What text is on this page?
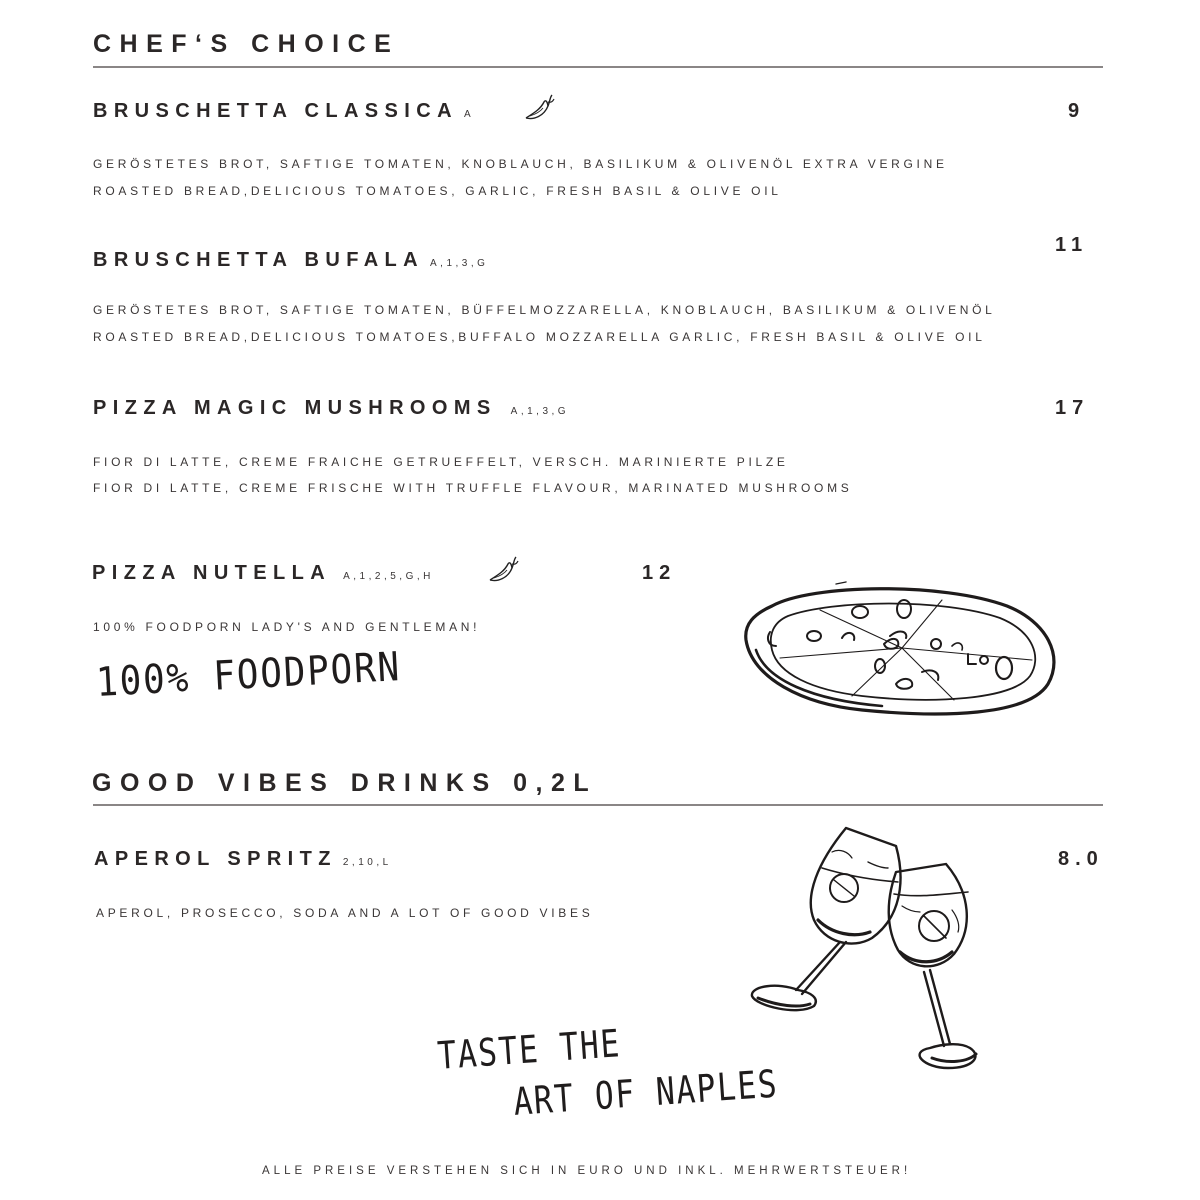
CHEF‘S CHOICE
BRUSCHETTA CLASSICA A	9
GERÖSTETES BROT, SAFTIGE TOMATEN, KNOBLAUCH, BASILIKUM & OLIVENÖL EXTRA VERGINE
ROASTED BREAD,DELICIOUS TOMATOES, GARLIC, FRESH BASIL & OLIVE OIL
11
BRUSCHETTA BUFALA A,1,3,G
GERÖSTETES BROT, SAFTIGE TOMATEN, BÜFFELMOZZARELLA, KNOBLAUCH, BASILIKUM & OLIVENÖL
ROASTED BREAD,DELICIOUS TOMATOES,BUFFALO MOZZARELLA GARLIC, FRESH BASIL & OLIVE OIL
PIZZA MAGIC MUSHROOMS A,1,3,G	17
FIOR DI LATTE, CREME FRAICHE GETRUEFFELT, VERSCH. MARINIERTE PILZE
FIOR DI LATTE, CREME FRISCHE WITH TRUFFLE FLAVOUR, MARINATED MUSHROOMS
PIZZA NUTELLA A,1,2,5,G,H	12
100% FOODPORN LADY'S AND GENTLEMAN!
100% FOODPORN
GOOD VIBES DRINKS 0,2L
APEROL SPRITZ 2,10,L	8.0
APEROL, PROSECCO, SODA AND A LOT OF GOOD VIBES
TASTE THE
ART OF NAPLES
ALLE PREISE VERSTEHEN SICH IN EURO UND INKL. MEHRWERTSTEUER!
